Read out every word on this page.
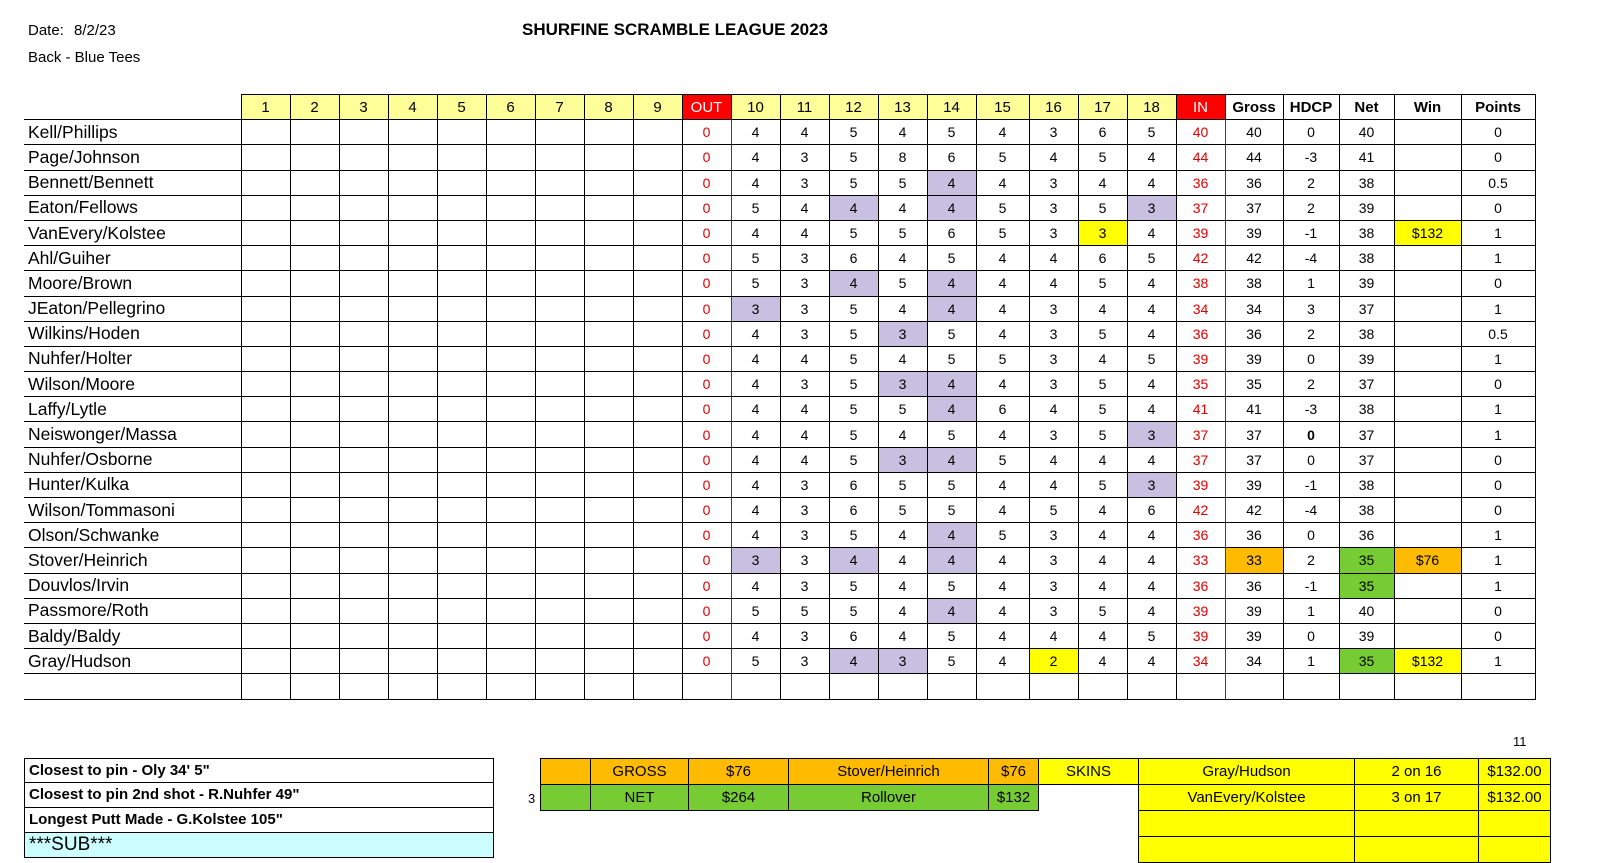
Date: 8/2/23
Back - Blue Tees
SHURFINE SCRAMBLE LEAGUE 2023
	1	2	3	4	5	6	7	8	9	OUT	10	11	12	13	14	15	16	17	18	IN	Gross	HDCP	Net	Win	Points
Kell/Phillips										0	4	4	5	4	5	4	3	6	5	40	40	0	40		0
Page/Johnson										0	4	3	5	8	6	5	4	5	4	44	44	-3	41		0
Bennett/Bennett										0	4	3	5	5	4	4	3	4	4	36	36	2	38		0.5
Eaton/Fellows										0	5	4	4	4	4	5	3	5	3	37	37	2	39		0
VanEvery/Kolstee										0	4	4	5	5	6	5	3	3	4	39	39	-1	38	$132	1
Ahl/Guiher										0	5	3	6	4	5	4	4	6	5	42	42	-4	38		1
Moore/Brown										0	5	3	4	5	4	4	4	5	4	38	38	1	39		0
JEaton/Pellegrino										0	3	3	5	4	4	4	3	4	4	34	34	3	37		1
Wilkins/Hoden										0	4	3	5	3	5	4	3	5	4	36	36	2	38		0.5
Nuhfer/Holter										0	4	4	5	4	5	5	3	4	5	39	39	0	39		1
Wilson/Moore										0	4	3	5	3	4	4	3	5	4	35	35	2	37		0
Laffy/Lytle										0	4	4	5	5	4	6	4	5	4	41	41	-3	38		1
Neiswonger/Massa										0	4	4	5	4	5	4	3	5	3	37	37	0	37		1
Nuhfer/Osborne										0	4	4	5	3	4	5	4	4	4	37	37	0	37		0
Hunter/Kulka										0	4	3	6	5	5	4	4	5	3	39	39	-1	38		0
Wilson/Tommasoni										0	4	3	6	5	5	4	5	4	6	42	42	-4	38		0
Olson/Schwanke										0	4	3	5	4	4	5	3	4	4	36	36	0	36		1
Stover/Heinrich										0	3	3	4	4	4	4	3	4	4	33	33	2	35	$76	1
Douvlos/Irvin										0	4	3	5	4	5	4	3	4	4	36	36	-1	35		1
Passmore/Roth										0	5	5	5	4	4	4	3	5	4	39	39	1	40		0
Baldy/Baldy										0	4	3	6	4	5	4	4	4	5	39	39	0	39		0
Gray/Hudson										0	5	3	4	3	5	4	2	4	4	34	34	1	35	$132	1

11
Closest to pin - Oly 34' 5"
Closest to pin 2nd shot - R.Nuhfer 49"
Longest Putt Made - G.Kolstee 105"
***SUB***
3
	GROSS	$76	Stover/Heinrich	$76	SKINS	Gray/Hudson	2 on 16	$132.00
	NET	$264	Rollover	$132		VanEvery/Kolstee	3 on 17	$132.00
